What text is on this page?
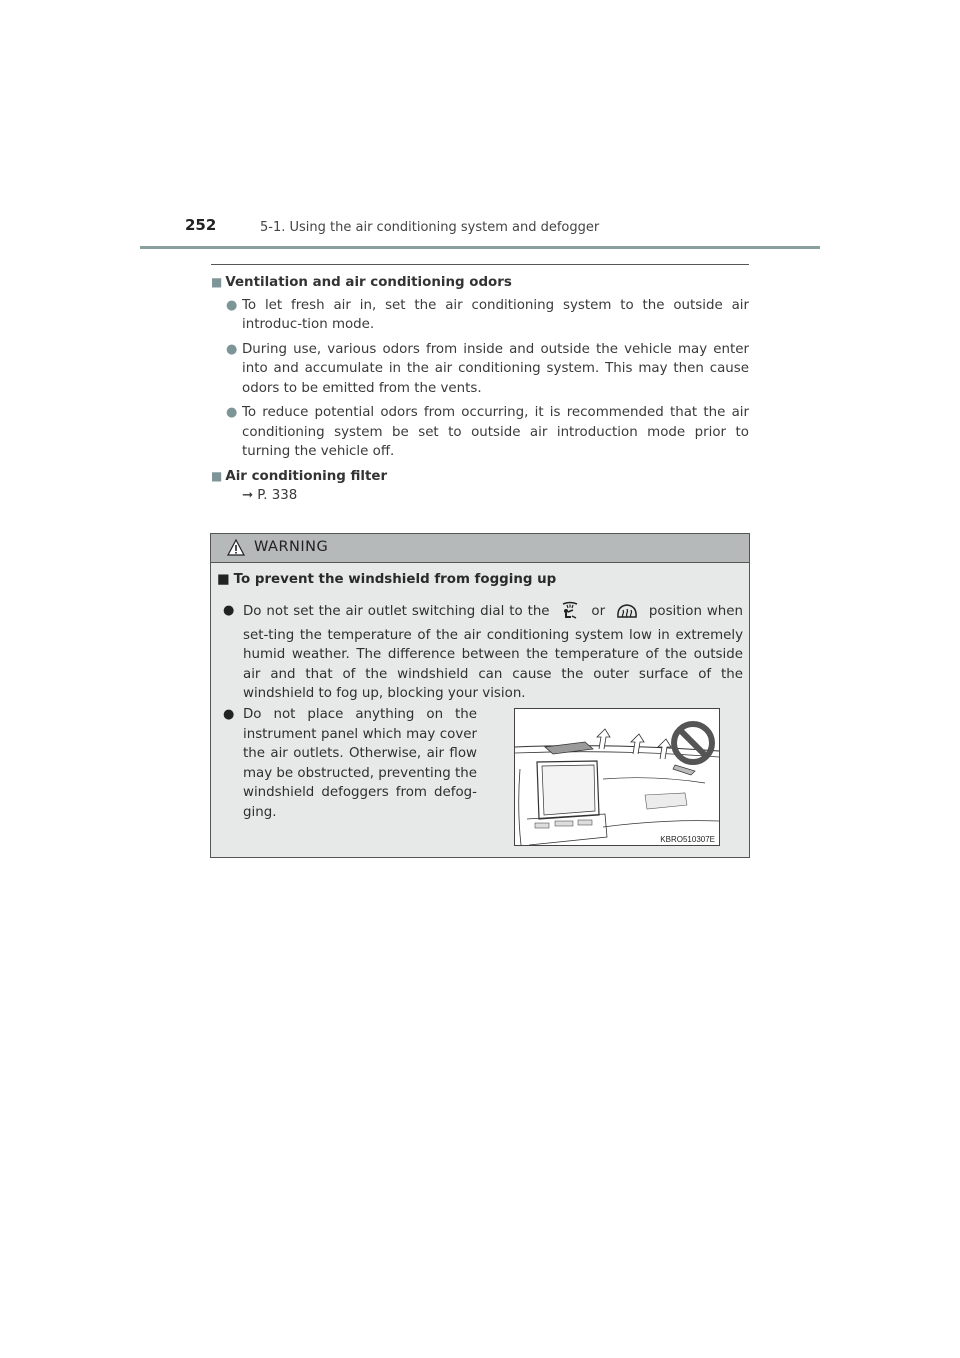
252	5-1. Using the air conditioning system and defogger
■ Ventilation and air conditioning odors
● To let fresh air in, set the air conditioning system to the outside air introduc-tion mode.
● During use, various odors from inside and outside the vehicle may enter into and accumulate in the air conditioning system. This may then cause odors to be emitted from the vents.
● To reduce potential odors from occurring, it is recommended that the air conditioning system be set to outside air introduction mode prior to turning the vehicle off.
■ Air conditioning filter
➞ P. 338
WARNING
■ To prevent the windshield from fogging up
● Do not set the air outlet switching dial to the	or	position when set-ting the temperature of the air conditioning system low in extremely humid weather. The difference between the temperature of the outside air and that of the windshield can cause the outer surface of the windshield to fog up, blocking your vision.
● Do not place anything on the instrument panel which may cover the air outlets. Otherwise, air flow may be obstructed, preventing the windshield defoggers from defog-ging.
KBRO510307E
